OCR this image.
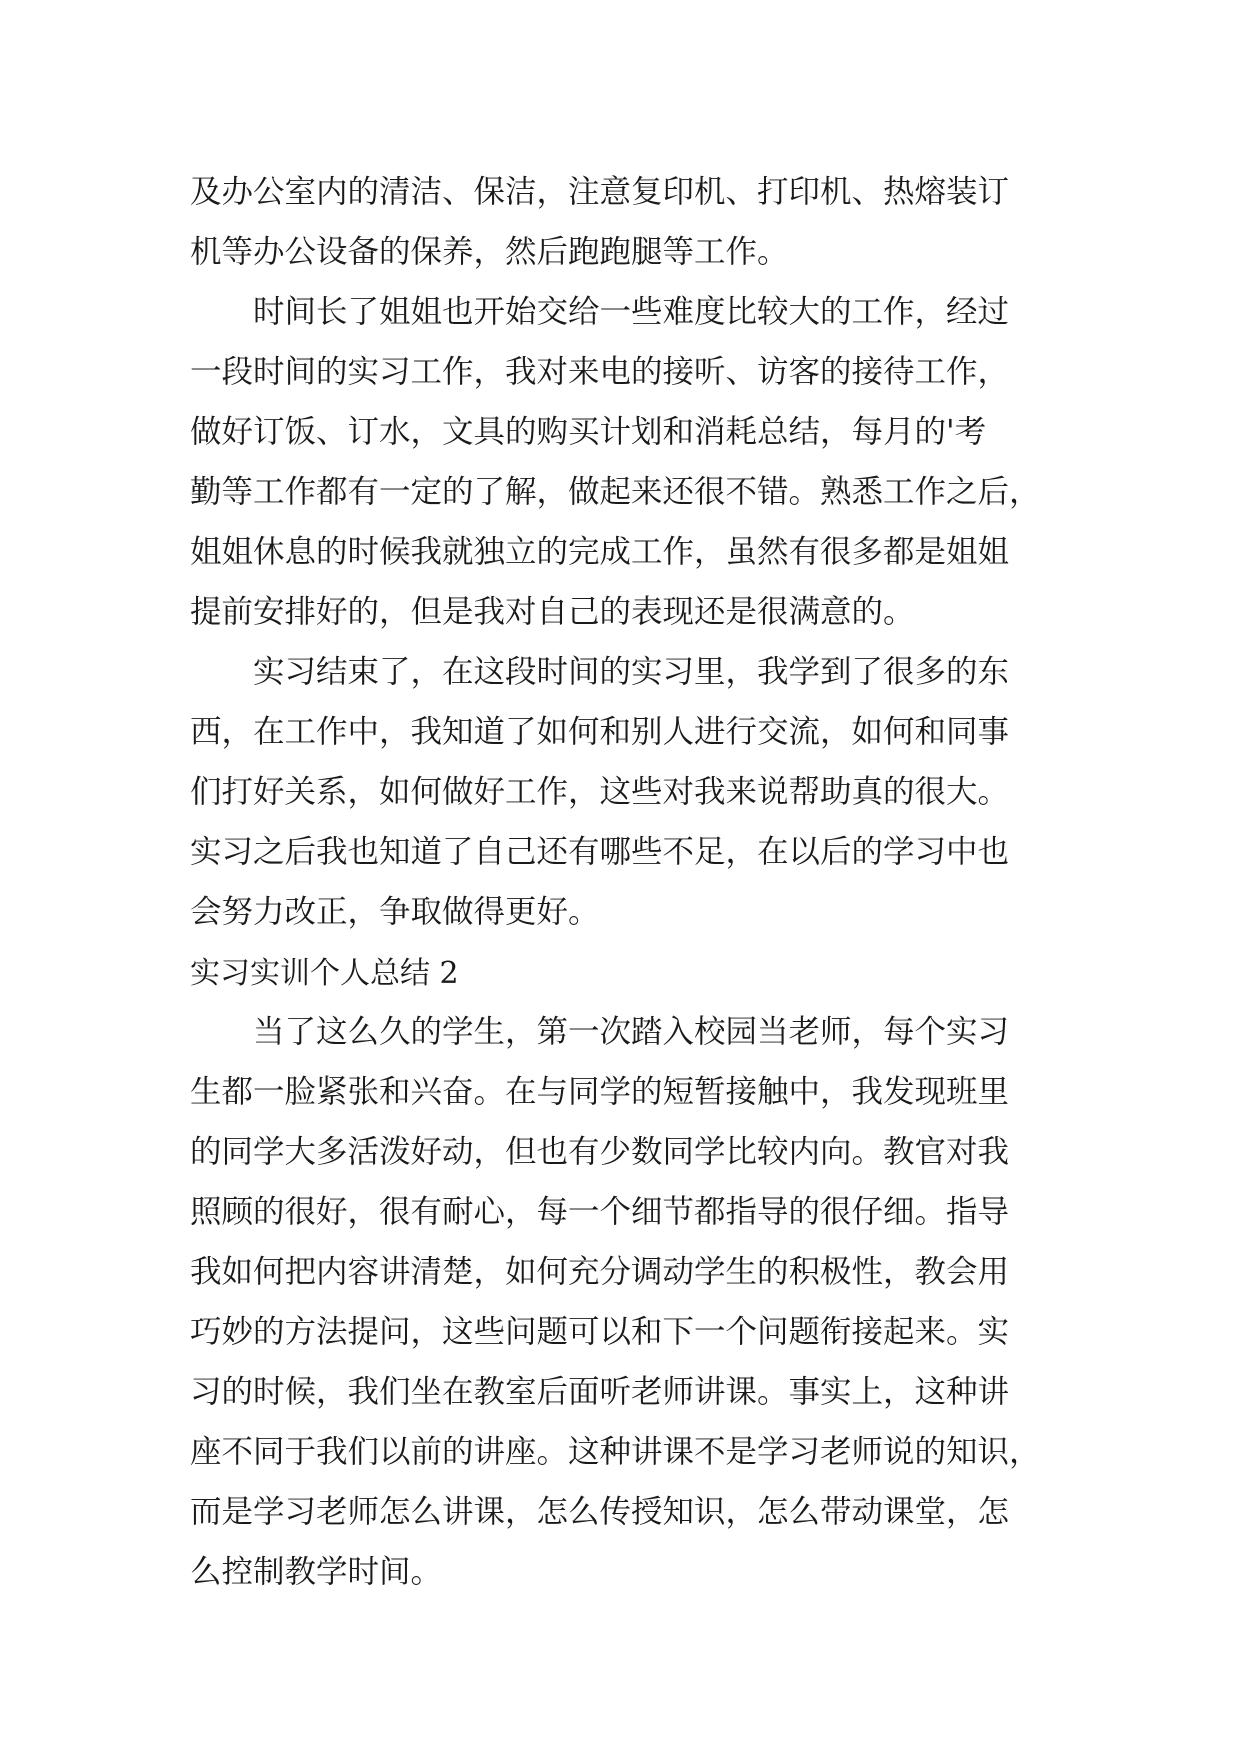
及办公室内的清洁、保洁，注意复印机、打印机、热熔装订
机等办公设备的保养，然后跑跑腿等工作。
时间长了姐姐也开始交给一些难度比较大的工作，经过
一段时间的实习工作，我对来电的接听、访客的接待工作，
做好订饭、订水，文具的购买计划和消耗总结，每月的'考
勤等工作都有一定的了解，做起来还很不错。熟悉工作之后，
姐姐休息的时候我就独立的完成工作，虽然有很多都是姐姐
提前安排好的，但是我对自己的表现还是很满意的。
实习结束了，在这段时间的实习里，我学到了很多的东
西，在工作中，我知道了如何和别人进行交流，如何和同事
们打好关系，如何做好工作，这些对我来说帮助真的很大。
实习之后我也知道了自己还有哪些不足，在以后的学习中也
会努力改正，争取做得更好。
实习实训个人总结 2
当了这么久的学生，第一次踏入校园当老师，每个实习
生都一脸紧张和兴奋。在与同学的短暂接触中，我发现班里
的同学大多活泼好动，但也有少数同学比较内向。教官对我
照顾的很好，很有耐心，每一个细节都指导的很仔细。指导
我如何把内容讲清楚，如何充分调动学生的积极性，教会用
巧妙的方法提问，这些问题可以和下一个问题衔接起来。实
习的时候，我们坐在教室后面听老师讲课。事实上，这种讲
座不同于我们以前的讲座。这种讲课不是学习老师说的知识，
而是学习老师怎么讲课，怎么传授知识，怎么带动课堂，怎
么控制教学时间。
